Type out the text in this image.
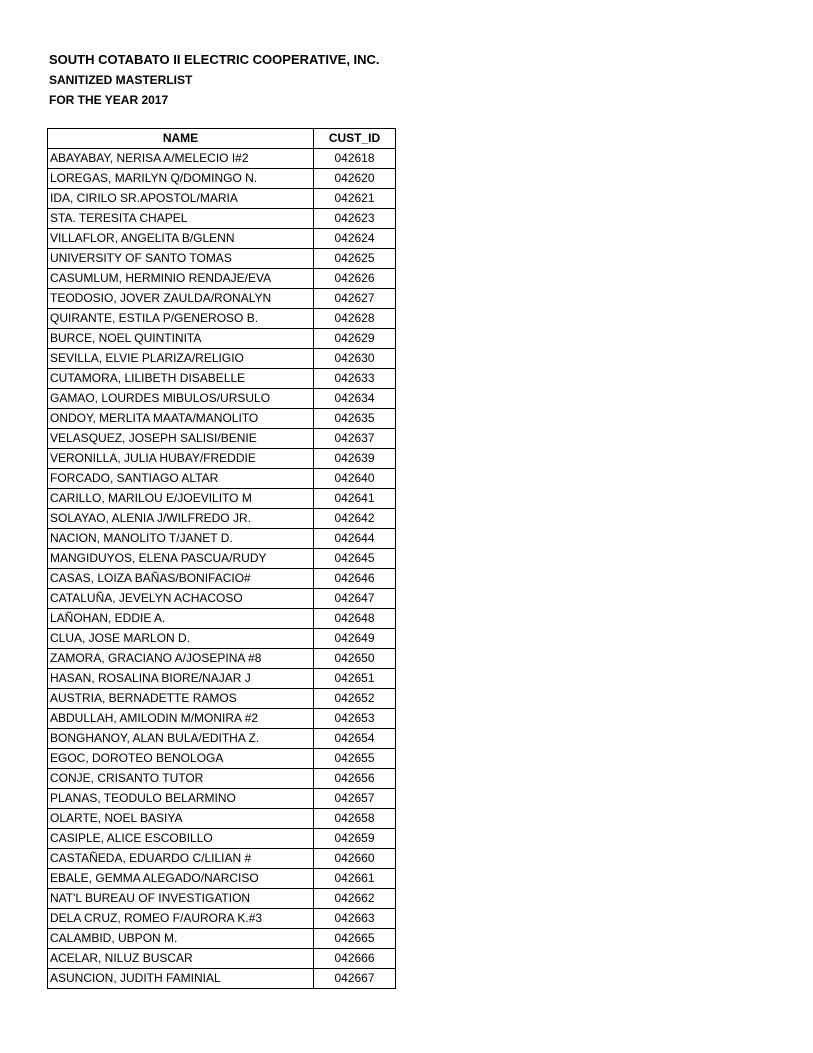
SOUTH COTABATO II ELECTRIC COOPERATIVE, INC.
SANITIZED MASTERLIST
FOR THE YEAR 2017
NAME	CUST_ID
ABAYABAY, NERISA A/MELECIO I#2	042618
LOREGAS, MARILYN Q/DOMINGO N.	042620
IDA, CIRILO SR.APOSTOL/MARIA	042621
STA. TERESITA CHAPEL	042623
VILLAFLOR, ANGELITA B/GLENN	042624
UNIVERSITY OF SANTO TOMAS	042625
CASUMLUM, HERMINIO RENDAJE/EVA	042626
TEODOSIO, JOVER ZAULDA/RONALYN	042627
QUIRANTE, ESTILA P/GENEROSO B.	042628
BURCE, NOEL QUINTINITA	042629
SEVILLA, ELVIE PLARIZA/RELIGIO	042630
CUTAMORA, LILIBETH DISABELLE	042633
GAMAO, LOURDES MIBULOS/URSULO	042634
ONDOY, MERLITA MAATA/MANOLITO	042635
VELASQUEZ, JOSEPH SALISI/BENIE	042637
VERONILLA, JULIA HUBAY/FREDDIE	042639
FORCADO, SANTIAGO ALTAR	042640
CARILLO, MARILOU E/JOEVILITO M	042641
SOLAYAO, ALENIA J/WILFREDO JR.	042642
NACION, MANOLITO T/JANET D.	042644
MANGIDUYOS, ELENA PASCUA/RUDY	042645
CASAS, LOIZA BAÑAS/BONIFACIO#	042646
CATALUÑA, JEVELYN ACHACOSO	042647
LAÑOHAN, EDDIE A.	042648
CLUA, JOSE MARLON D.	042649
ZAMORA, GRACIANO A/JOSEPINA #8	042650
HASAN, ROSALINA BIORE/NAJAR J	042651
AUSTRIA, BERNADETTE RAMOS	042652
ABDULLAH, AMILODIN M/MONIRA #2	042653
BONGHANOY, ALAN BULA/EDITHA Z.	042654
EGOC, DOROTEO BENOLOGA	042655
CONJE, CRISANTO TUTOR	042656
PLANAS, TEODULO BELARMINO	042657
OLARTE, NOEL BASIYA	042658
CASIPLE, ALICE ESCOBILLO	042659
CASTAÑEDA, EDUARDO C/LILIAN #	042660
EBALE, GEMMA ALEGADO/NARCISO	042661
NAT'L BUREAU OF INVESTIGATION	042662
DELA CRUZ, ROMEO F/AURORA K.#3	042663
CALAMBID, UBPON M.	042665
ACELAR, NILUZ BUSCAR	042666
ASUNCION, JUDITH FAMINIAL	042667
